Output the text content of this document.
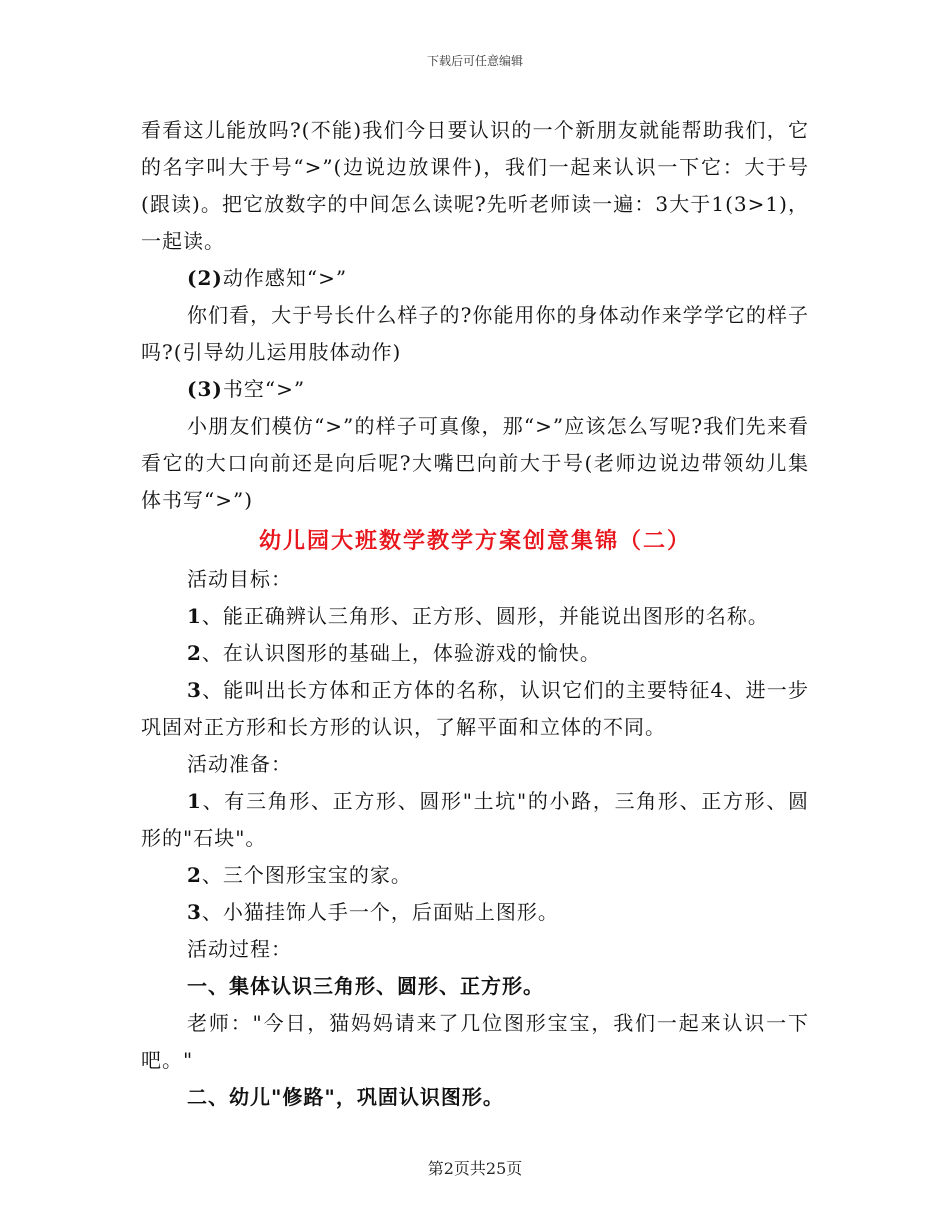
下载后可任意编辑

看看这儿能放吗?(不能)我们今日要认识的一个新朋友就能帮助我们，它的名字叫大于号“>”(边说边放课件)，我们一起来认识一下它：大于号(跟读)。把它放数字的中间怎么读呢?先听老师读一遍：3大于1(3>1)，一起读。

(2)动作感知“>”

你们看，大于号长什么样子的?你能用你的身体动作来学学它的样子吗?(引导幼儿运用肢体动作)

(3)书空“>”

小朋友们模仿“>”的样子可真像，那“>”应该怎么写呢?我们先来看看它的大口向前还是向后呢?大嘴巴向前大于号(老师边说边带领幼儿集体书写“>”)

幼儿园大班数学教学方案创意集锦（二）

活动目标：

1、能正确辨认三角形、正方形、圆形，并能说出图形的名称。

2、在认识图形的基础上，体验游戏的愉快。

3、能叫出长方体和正方体的名称，认识它们的主要特征4、进一步巩固对正方形和长方形的认识，了解平面和立体的不同。

活动准备：

1、有三角形、正方形、圆形"土坑"的小路，三角形、正方形、圆形的"石块"。

2、三个图形宝宝的家。

3、小猫挂饰人手一个，后面贴上图形。

活动过程：

一、集体认识三角形、圆形、正方形。

老师："今日，猫妈妈请来了几位图形宝宝，我们一起来认识一下吧。"

二、幼儿"修路"，巩固认识图形。

第2页共25页
